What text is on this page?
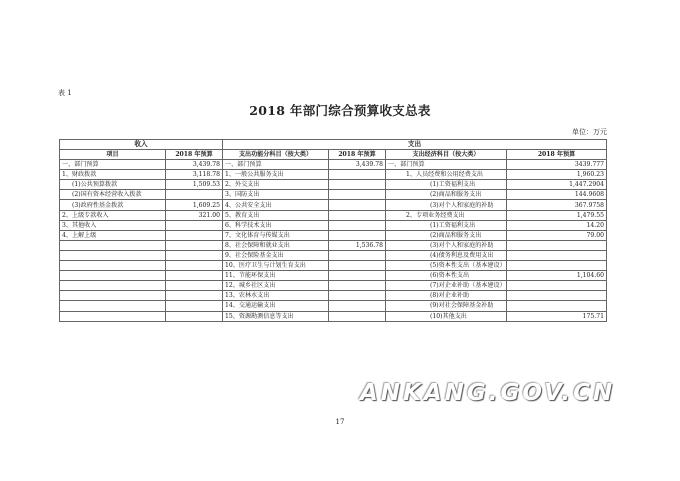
表 1
2018 年部门综合预算收支总表
单位：万元
收入		支出			
项目	2018 年预算	支出功能分科目（按大类）	2018 年预算	支出经济科目（按大类）	2018 年预算
一、部门预算	3,439.78	一、部门预算	3,439.78	一、部门预算	3439.777
1、财政拨款	3,118.78	1、一般公共服务支出		1、人员经费和公用经费支出	1,960.23
(1)公共预算拨款	1,509.53	2、外交支出		(1)工资福利支出	1,447.2904
(2)国有资本经营收入拨款		3、国防支出		(2)商品和服务支出	144.9608
(3)政府性基金拨款	1,609.25	4、公共安全支出		(3)对个人和家庭的补助	367.9758
2、上级专款收入	321.00	5、教育支出		2、专项业务经费支出	1,479.55
3、其他收入		6、科学技术支出		(1)工资福利支出	14.20
4、上解上级		7、文化体育与传媒支出		(2)商品和服务支出	79.00
		8、社会保障和就业支出	1,536.78	(3)对个人和家庭的补助	
		9、社会保险基金支出		(4)债务利息及费用支出	
		10、医疗卫生与计划生育支出		(5)资本性支出（基本建设）	
		11、节能环保支出		(6)资本性支出	1,104.60
		12、城乡社区支出		(7)对企业补助（基本建设）	
		13、农林水支出		(8)对企业补助	
		14、交通运输支出		(9)对社会保障基金补助	
		15、资源勘测信息等支出		(10)其他支出	175.71
17
ANKANG.GOV.CN
